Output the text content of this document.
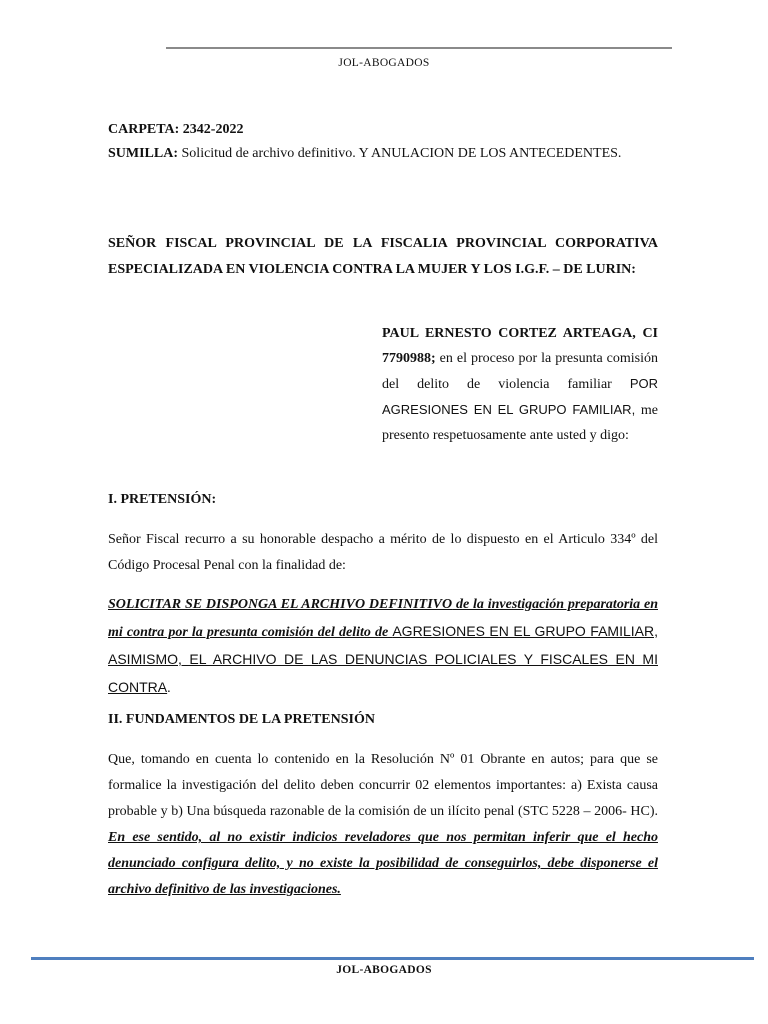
JOL-ABOGADOS
CARPETA: 2342-2022
SUMILLA: Solicitud de archivo definitivo. Y ANULACION DE LOS ANTECEDENTES.
SEÑOR FISCAL PROVINCIAL DE LA FISCALIA PROVINCIAL CORPORATIVA ESPECIALIZADA EN VIOLENCIA CONTRA LA MUJER Y LOS I.G.F. – DE LURIN:
PAUL ERNESTO CORTEZ ARTEAGA, CI 7790988; en el proceso por la presunta comisión del delito de violencia familiar POR AGRESIONES EN EL GRUPO FAMILIAR, me presento respetuosamente ante usted y digo:
I. PRETENSIÓN:
Señor Fiscal recurro a su honorable despacho a mérito de lo dispuesto en el Articulo 334º del Código Procesal Penal con la finalidad de:
SOLICITAR SE DISPONGA EL ARCHIVO DEFINITIVO de la investigación preparatoria en mi contra por la presunta comisión del delito de AGRESIONES EN EL GRUPO FAMILIAR, ASIMISMO, EL ARCHIVO DE LAS DENUNCIAS POLICIALES Y FISCALES EN MI CONTRA.
II. FUNDAMENTOS DE LA PRETENSIÓN
Que, tomando en cuenta lo contenido en la Resolución Nº 01 Obrante en autos; para que se formalice la investigación del delito deben concurrir 02 elementos importantes: a) Exista causa probable y b) Una búsqueda razonable de la comisión de un ilícito penal (STC 5228 – 2006- HC). En ese sentido, al no existir indicios reveladores que nos permitan inferir que el hecho denunciado configura delito, y no existe la posibilidad de conseguirlos, debe disponerse el archivo definitivo de las investigaciones.
JOL-ABOGADOS
